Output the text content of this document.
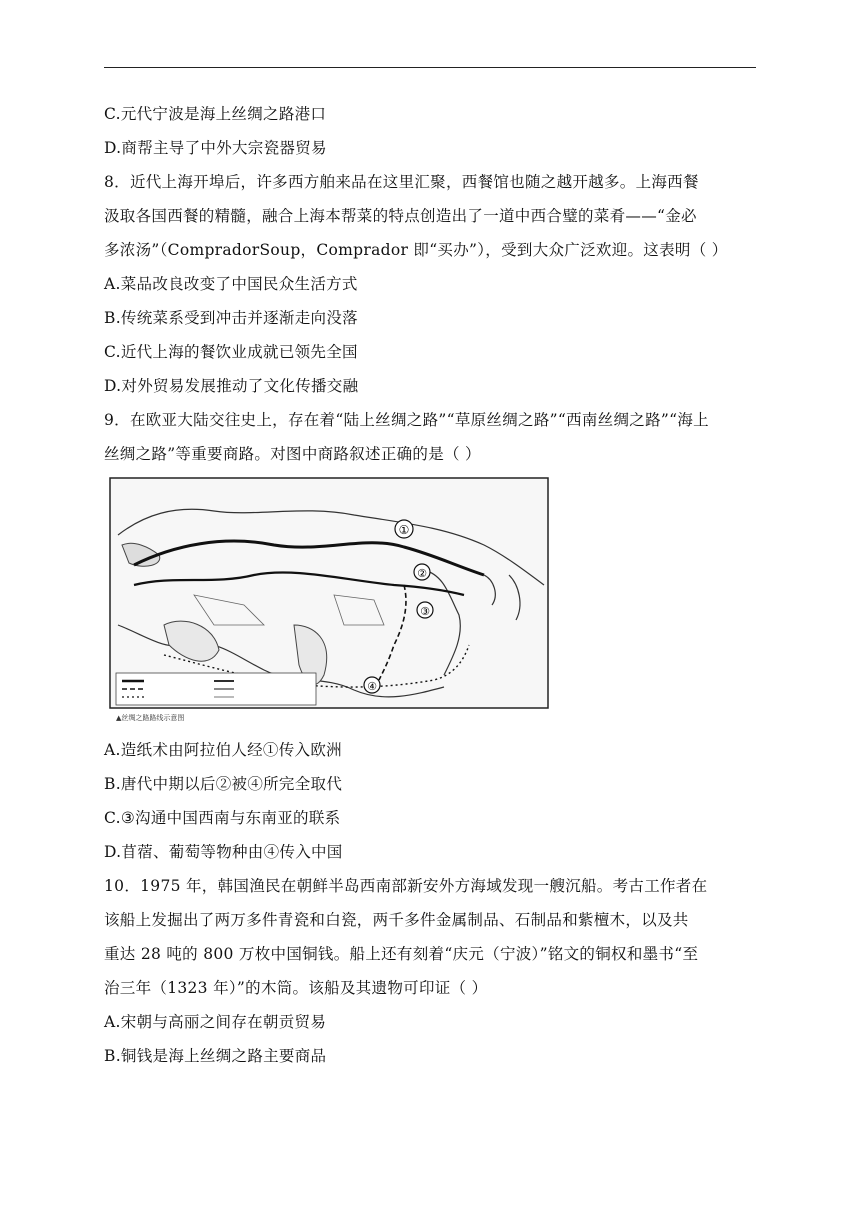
C.元代宁波是海上丝绸之路港口
D.商帮主导了中外大宗瓷器贸易
8．近代上海开埠后，许多西方舶来品在这里汇聚，西餐馆也随之越开越多。上海西餐
汲取各国西餐的精髓，融合上海本帮菜的特点创造出了一道中西合璧的菜肴——“金必
多浓汤”（CompradorSoup，Comprador 即“买办”），受到大众广泛欢迎。这表明（ ）
A.菜品改良改变了中国民众生活方式
B.传统菜系受到冲击并逐渐走向没落
C.近代上海的餐饮业成就已领先全国
D.对外贸易发展推动了文化传播交融
9．在欧亚大陆交往史上，存在着“陆上丝绸之路”“草原丝绸之路”“西南丝绸之路”“海上
丝绸之路”等重要商路。对图中商路叙述正确的是（ ）
①
②
③
④
▲丝绸之路路线示意图
A.造纸术由阿拉伯人经①传入欧洲
B.唐代中期以后②被④所完全取代
C.③沟通中国西南与东南亚的联系
D.苜蓿、葡萄等物种由④传入中国
10．1975 年，韩国渔民在朝鲜半岛西南部新安外方海域发现一艘沉船。考古工作者在
该船上发掘出了两万多件青瓷和白瓷，两千多件金属制品、石制品和紫檀木，以及共
重达 28 吨的 800 万枚中国铜钱。船上还有刻着“庆元（宁波）”铭文的铜权和墨书“至
治三年（1323 年）”的木筒。该船及其遗物可印证（ ）
A.宋朝与高丽之间存在朝贡贸易
B.铜钱是海上丝绸之路主要商品
